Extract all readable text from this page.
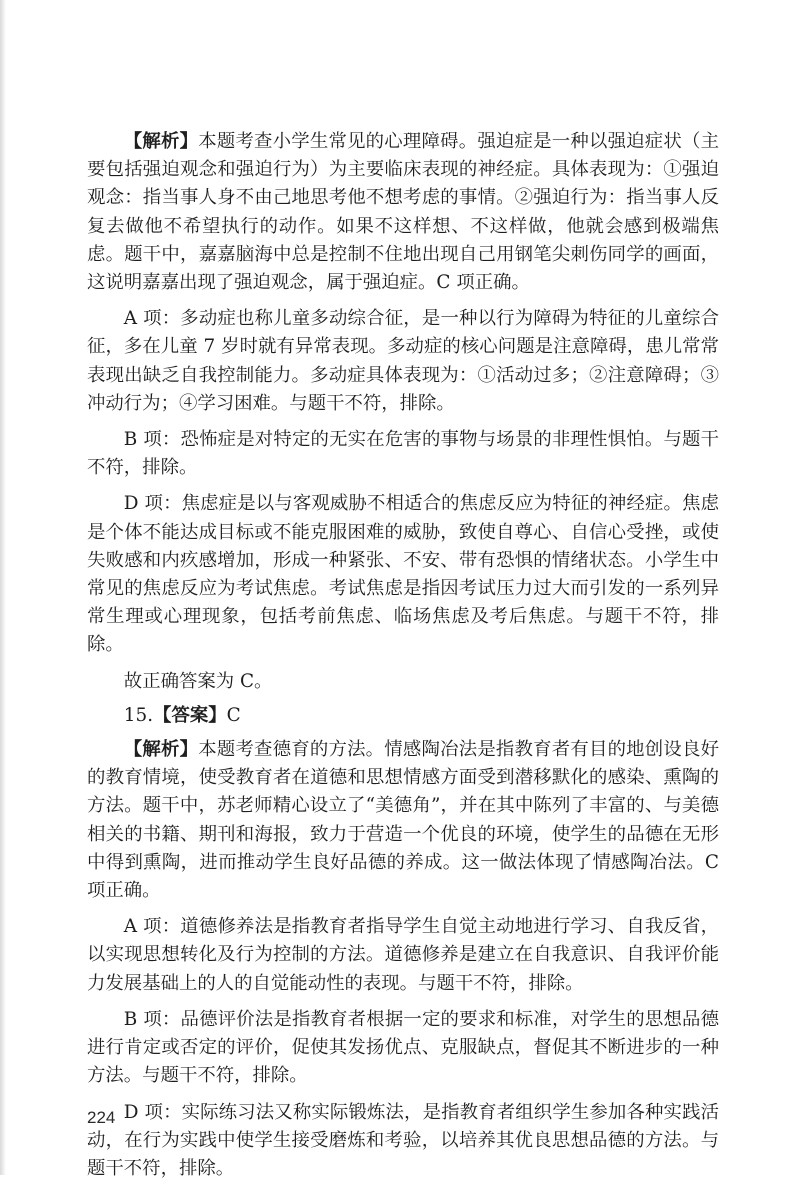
【解析】本题考查小学生常见的心理障碍。强迫症是一种以强迫症状（主要包括强迫观念和强迫行为）为主要临床表现的神经症。具体表现为：①强迫观念：指当事人身不由己地思考他不想考虑的事情。②强迫行为：指当事人反复去做他不希望执行的动作。如果不这样想、不这样做，他就会感到极端焦虑。题干中，嘉嘉脑海中总是控制不住地出现自己用钢笔尖刺伤同学的画面，这说明嘉嘉出现了强迫观念，属于强迫症。C 项正确。

A 项：多动症也称儿童多动综合征，是一种以行为障碍为特征的儿童综合征，多在儿童 7 岁时就有异常表现。多动症的核心问题是注意障碍，患儿常常表现出缺乏自我控制能力。多动症具体表现为：①活动过多；②注意障碍；③冲动行为；④学习困难。与题干不符，排除。

B 项：恐怖症是对特定的无实在危害的事物与场景的非理性惧怕。与题干不符，排除。

D 项：焦虑症是以与客观威胁不相适合的焦虑反应为特征的神经症。焦虑是个体不能达成目标或不能克服困难的威胁，致使自尊心、自信心受挫，或使失败感和内疚感增加，形成一种紧张、不安、带有恐惧的情绪状态。小学生中常见的焦虑反应为考试焦虑。考试焦虑是指因考试压力过大而引发的一系列异常生理或心理现象，包括考前焦虑、临场焦虑及考后焦虑。与题干不符，排除。

故正确答案为 C。

15.【答案】C

【解析】本题考查德育的方法。情感陶冶法是指教育者有目的地创设良好的教育情境，使受教育者在道德和思想情感方面受到潜移默化的感染、熏陶的方法。题干中，苏老师精心设立了“美德角”，并在其中陈列了丰富的、与美德相关的书籍、期刊和海报，致力于营造一个优良的环境，使学生的品德在无形中得到熏陶，进而推动学生良好品德的养成。这一做法体现了情感陶冶法。C 项正确。

A 项：道德修养法是指教育者指导学生自觉主动地进行学习、自我反省，以实现思想转化及行为控制的方法。道德修养是建立在自我意识、自我评价能力发展基础上的人的自觉能动性的表现。与题干不符，排除。

B 项：品德评价法是指教育者根据一定的要求和标准，对学生的思想品德进行肯定或否定的评价，促使其发扬优点、克服缺点，督促其不断进步的一种方法。与题干不符，排除。

D 项：实际练习法又称实际锻炼法，是指教育者组织学生参加各种实践活动，在行为实践中使学生接受磨炼和考验，以培养其优良思想品德的方法。与题干不符，排除。

224
